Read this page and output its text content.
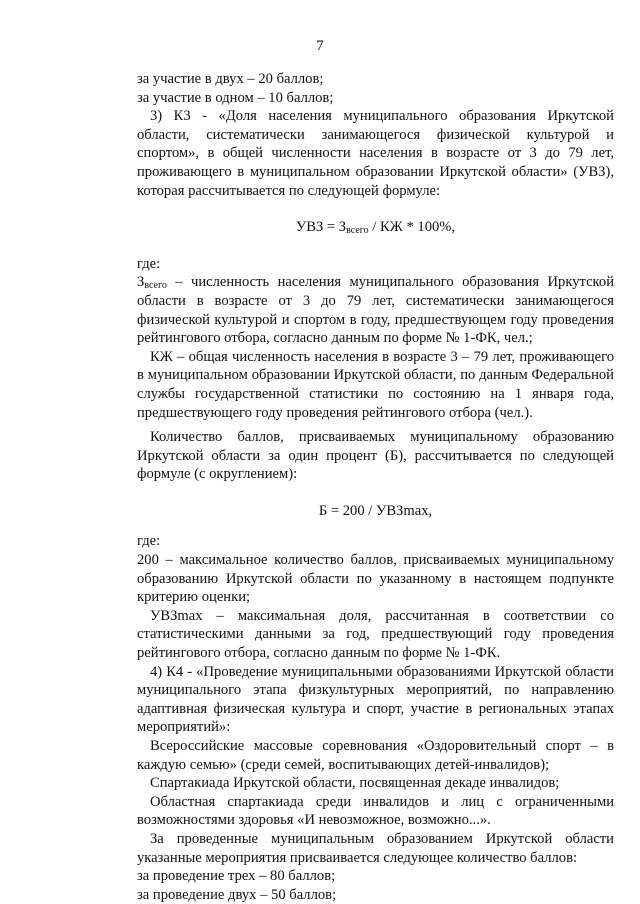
7

за участие в двух – 20 баллов;

за участие в одном – 10 баллов;

3) К3 - «Доля населения муниципального образования Иркутской области, систематически занимающегося физической культурой и спортом», в общей численности населения в возрасте от 3 до 79 лет, проживающего в муниципальном образовании Иркутской области» (УВЗ), которая рассчитывается по следующей формуле:

УВЗ = $З_{всего}$ / КЖ * 100%,

где:

$З_{всего}$ – численность населения муниципального образования Иркутской области в возрасте от 3 до 79 лет, систематически занимающегося физической культурой и спортом в году, предшествующем году проведения рейтингового отбора, согласно данным по форме № 1-ФК, чел.;

КЖ – общая численность населения в возрасте 3 – 79 лет, проживающего в муниципальном образовании Иркутской области, по данным Федеральной службы государственной статистики по состоянию на 1 января года, предшествующего году проведения рейтингового отбора (чел.).

Количество баллов, присваиваемых муниципальному образованию Иркутской области за один процент (Б), рассчитывается по следующей формуле (с округлением):

Б = 200 / УВЗmax,

где:

200 – максимальное количество баллов, присваиваемых муниципальному образованию Иркутской области по указанному в настоящем подпункте критерию оценки;

УВЗmax – максимальная доля, рассчитанная в соответствии со статистическими данными за год, предшествующий году проведения рейтингового отбора, согласно данным по форме № 1-ФК.

4) К4 - «Проведение муниципальными образованиями Иркутской области муниципального этапа физкультурных мероприятий, по направлению адаптивная физическая культура и спорт, участие в региональных этапах мероприятий»:

Всероссийские массовые соревнования «Оздоровительный спорт – в каждую семью» (среди семей, воспитывающих детей-инвалидов);

Спартакиада Иркутской области, посвященная декаде инвалидов;

Областная спартакиада среди инвалидов и лиц с ограниченными возможностями здоровья «И невозможное, возможно...».

За проведенные муниципальным образованием Иркутской области указанные мероприятия присваивается следующее количество баллов:

за проведение трех – 80 баллов;

за проведение двух – 50 баллов;
